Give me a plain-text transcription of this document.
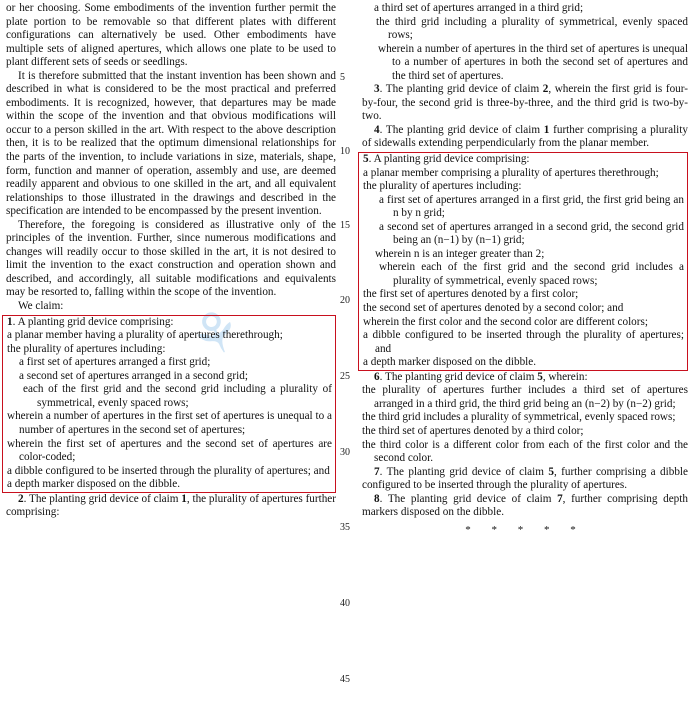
⚘

or her choosing. Some embodiments of the invention further permit the plate portion to be removable so that different plates with different configurations can alternatively be used. Other embodiments have multiple sets of aligned apertures, which allows one plate to be used to plant different sets of seeds or seedlings.

It is therefore submitted that the instant invention has been shown and described in what is considered to be the most practical and preferred embodiments. It is recognized, however, that departures may be made within the scope of the invention and that obvious modifications will occur to a person skilled in the art. With respect to the above description then, it is to be realized that the optimum dimensional relationships for the parts of the invention, to include variations in size, materials, shape, form, function and manner of operation, assembly and use, are deemed readily apparent and obvious to one skilled in the art, and all equivalent relationships to those illustrated in the drawings and described in the specification are intended to be encompassed by the present invention.

Therefore, the foregoing is considered as illustrative only of the principles of the invention. Further, since numerous modifications and changes will readily occur to those skilled in the art, it is not desired to limit the invention to the exact construction and operation shown and described, and accordingly, all suitable modifications and equivalents may be resorted to, falling within the scope of the invention.

We claim:

1. A planting grid device comprising:

a planar member having a plurality of apertures therethrough;

the plurality of apertures including:

a first set of apertures arranged a first grid;

a second set of apertures arranged in a second grid;

each of the first grid and the second grid including a plurality of symmetrical, evenly spaced rows;

wherein a number of apertures in the first set of apertures is unequal to a number of apertures in the second set of apertures;

wherein the first set of apertures and the second set of apertures are color-coded;

a dibble configured to be inserted through the plurality of apertures; and

a depth marker disposed on the dibble.

2. The planting grid device of claim 1, the plurality of apertures further comprising:

5
10
15
20
25
30
35
40
45

a third set of apertures arranged in a third grid;

the third grid including a plurality of symmetrical, evenly spaced rows;

wherein a number of apertures in the third set of apertures is unequal to a number of apertures in both the second set of apertures and the third set of apertures.

3. The planting grid device of claim 2, wherein the first grid is four-by-four, the second grid is three-by-three, and the third grid is two-by-two.

4. The planting grid device of claim 1 further comprising a plurality of sidewalls extending perpendicularly from the planar member.

5. A planting grid device comprising:

a planar member comprising a plurality of apertures therethrough;

the plurality of apertures including:

a first set of apertures arranged in a first grid, the first grid being an n by n grid;

a second set of apertures arranged in a second grid, the second grid being an (n−1) by (n−1) grid;

wherein n is an integer greater than 2;

wherein each of the first grid and the second grid includes a plurality of symmetrical, evenly spaced rows;

the first set of apertures denoted by a first color;

the second set of apertures denoted by a second color; and

wherein the first color and the second color are different colors;

a dibble configured to be inserted through the plurality of apertures; and

a depth marker disposed on the dibble.

6. The planting grid device of claim 5, wherein:

the plurality of apertures further includes a third set of apertures arranged in a third grid, the third grid being an (n−2) by (n−2) grid;

the third grid includes a plurality of symmetrical, evenly spaced rows;

the third set of apertures denoted by a third color;

the third color is a different color from each of the first color and the second color.

7. The planting grid device of claim 5, further comprising a dibble configured to be inserted through the plurality of apertures.

8. The planting grid device of claim 7, further comprising depth markers disposed on the dibble.

* * * * *
